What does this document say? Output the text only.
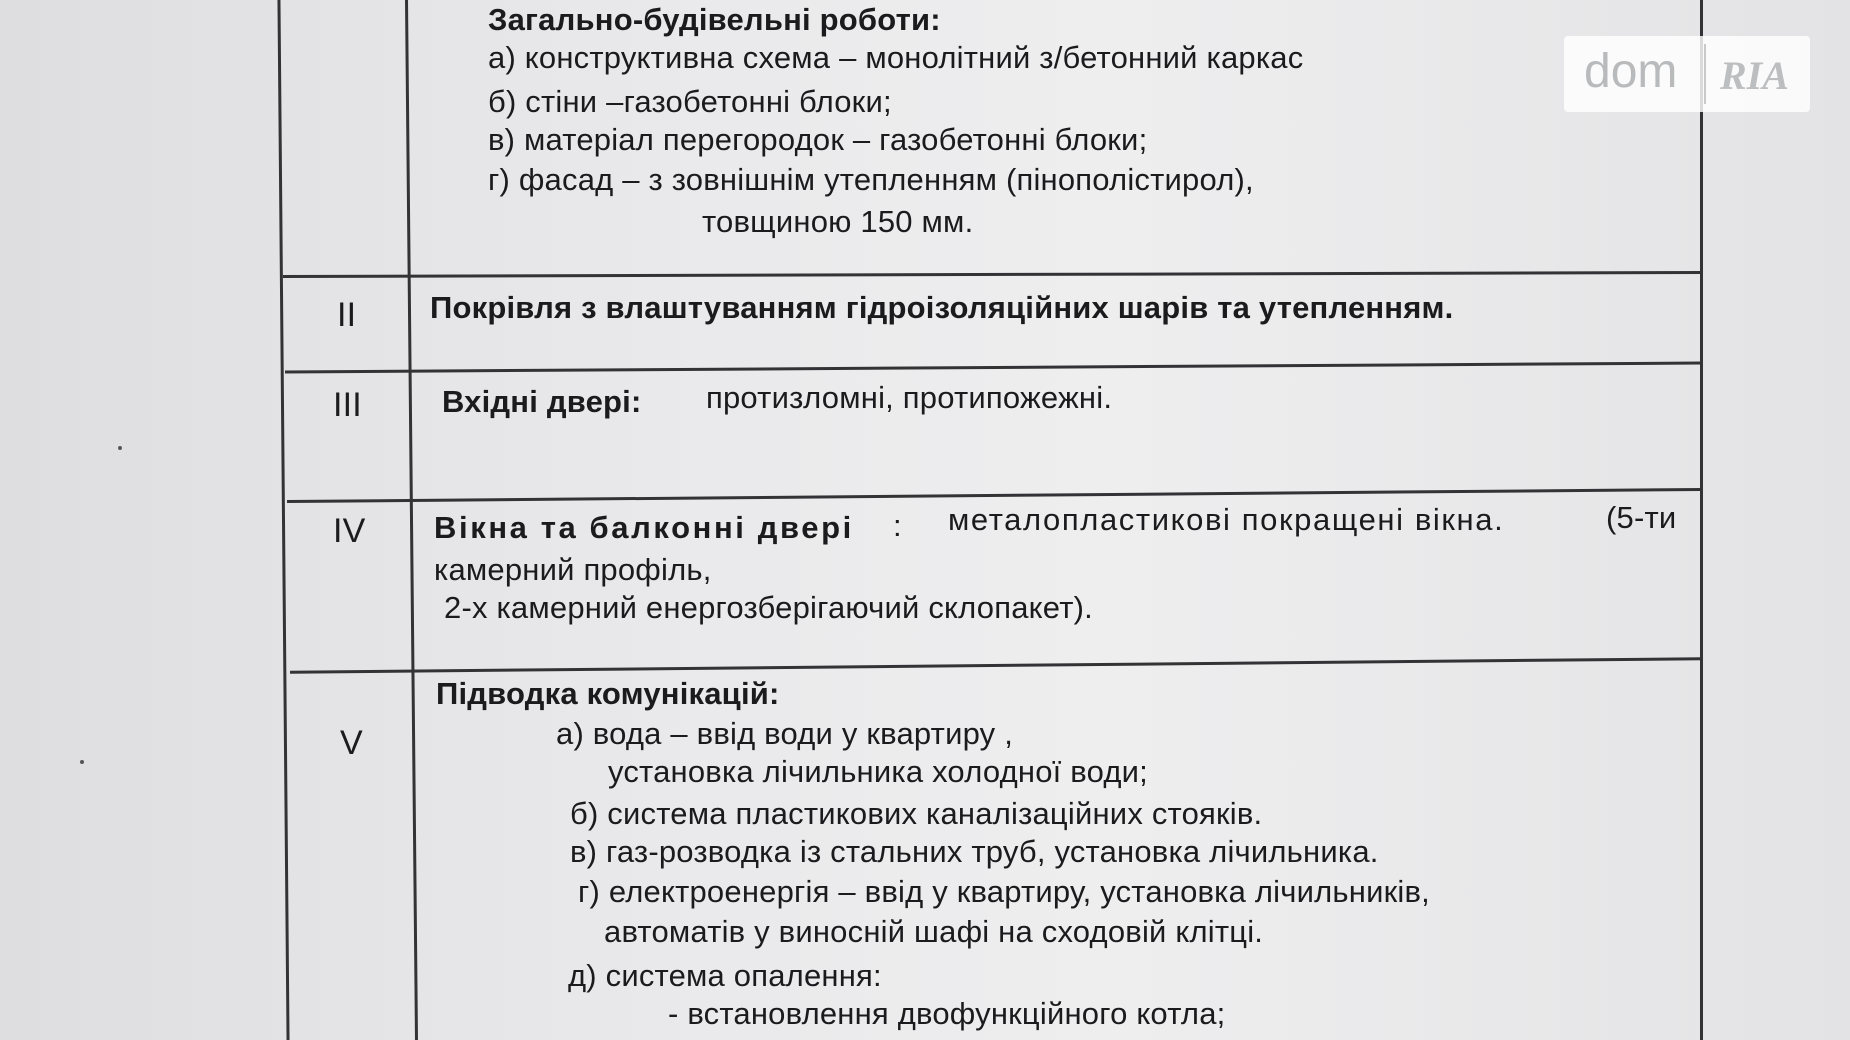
Загально-будівельні роботи:
а) конструктивна схема – монолітний з/бетонний каркас
б) стіни –газобетонні блоки;
в) матеріал перегородок – газобетонні блоки;
г) фасад – з зовнішнім утепленням (пінополістирол),
товщиною 150 мм.
II Покрівля з влаштуванням гідроізоляційних шарів та утепленням.
III	Вхідні двері: протизломні, протипожежні.
IV Вікна та балконні двері : металопластикові покращені вікна.	(5-ти
камерний профіль,
2-х камерний енергозберігаючий склопакет).
V
Підводка комунікацій:
а) вода – ввід води у квартиру ,
установка лічильника холодної води;
б) система пластикових каналізаційних стояків.
в) газ-розводка із стальних труб, установка лічильника.
г) електроенергія – ввід у квартиру, установка лічильників,
автоматів у виносній шафі на сходовій клітці.
д) система опалення:
- встановлення двофункційного котла;
dom RIA
